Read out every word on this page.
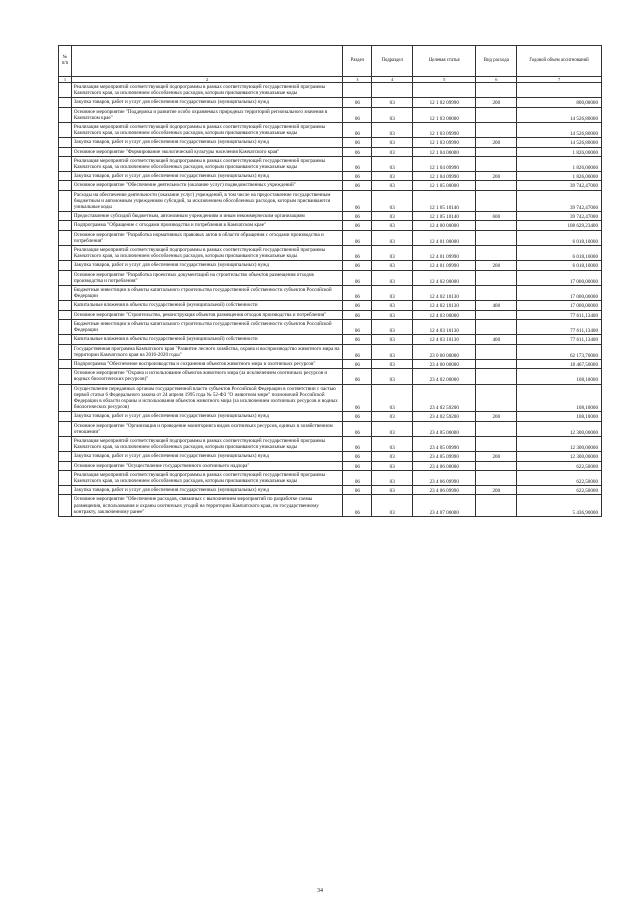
№ п/п		Раздел	Подраздел	Целевая статья	Вид расхода	Годовой объем ассигнований
1	2	3	4	5	6	7
	Реализация мероприятий соответствующей подпрограммы в рамках соответствующей государственной программы Камчатского края, за исключением обособленных расходов, которым присваиваются уникальные коды					
	Закупка товаров, работ и услуг для обеспечения государственных (муниципальных) нужд	06	03	12 1 02 09990	200	800,00000
	Основное мероприятие "Поддержка и развитие особо охраняемых природных территорий регионального значения в Камчатском крае"	06	03	12 1 03 00000		14 526,80000
	Реализация мероприятий соответствующей подпрограммы в рамках соответствующей государственной программы Камчатского края, за исключением обособленных расходов, которым присваиваются уникальные коды	06	03	12 1 03 09990		14 526,80000
	Закупка товаров, работ и услуг для обеспечения государственных (муниципальных) нужд	06	03	12 1 03 09990	200	14 526,80000
	Основное мероприятие "Формирование экологической культуры населения Камчатского края"	06	03	12 1 04 00000		1 826,00000
	Реализация мероприятий соответствующей подпрограммы в рамках соответствующей государственной программы Камчатского края, за исключением обособленных расходов, которым присваиваются уникальные коды	06	03	12 1 04 09990		1 826,00000
	Закупка товаров, работ и услуг для обеспечения государственных (муниципальных) нужд	06	03	12 1 04 09990	200	1 826,00000
	Основное мероприятие "Обеспечение деятельности (оказание услуг) подведомственных учреждений"	06	03	12 1 05 00000		39 742,47000
	Расходы на обеспечение деятельности (оказание услуг) учреждений, в том числе на предоставление государственным бюджетным и автономным учреждениям субсидий, за исключением обособленных расходов, которым присваиваются уникальные коды	06	03	12 1 05 10140		39 742,47000
	Предоставление субсидий бюджетным, автономным учреждениям и иным некоммерческим организациям	06	03	12 1 05 10140	600	39 742,47000
	Подпрограмма "Обращение с отходами производства и потребления в Камчатском крае"	06	03	12 4 00 00000		108 629,23400
	Основное мероприятие "Разработка нормативных правовых актов в области обращения с отходами производства и потребления"	06	03	12 4 01 00000		6 018,10000
	Реализация мероприятий соответствующей подпрограммы в рамках соответствующей государственной программы Камчатского края, за исключением обособленных расходов, которым присваиваются уникальные коды	06	03	12 4 01 09990		6 018,10000
	Закупка товаров, работ и услуг для обеспечения государственных (муниципальных) нужд	06	03	12 4 01 09990	200	6 018,10000
	Основное мероприятие "Разработка проектных документаций на строительство объектов размещения отходов производства и потребления"	06	03	12 4 02 00000		17 000,00000
	Бюджетные инвестиции в объекты капитального строительства государственной собственности субъектов Российской Федерации	06	03	12 4 02 10130		17 000,00000
	Капитальные вложения в объекты государственной (муниципальной) собственности	06	03	12 4 02 10130	400	17 000,00000
	Основное мероприятие "Строительство, реконструкция объектов размещения отходов производства и потребления"	06	03	12 4 03 00000		77 611,13400
	Бюджетные инвестиции в объекты капитального строительства государственной собственности субъектов Российской Федерации	06	03	12 4 03 10130		77 611,13400
	Капитальные вложения в объекты государственной (муниципальной) собственности	06	03	12 4 03 10130	400	77 611,13400
	Государственная программа Камчатского края "Развитие лесного хозяйства, охрана и воспроизводство животного мира на территории Камчатского края на 2016-2020 годы"	06	03	23 0 00 00000		62 173,70000
	Подпрограмма "Обеспечение воспроизводства и сохранения объектов животного мира и охотничьих ресурсов"	06	03	23 4 00 00000		18 467,50000
	Основное мероприятие "Охрана и использование объектов животного мира (за исключением охотничьих ресурсов и водных биологических ресурсов)"	06	03	23 4 02 00000		108,10000
	Осуществление переданных органам государственной власти субъектов Российской Федерации в соответствии с частью первой статьи 6 Федерального закона от 24 апреля 1995 года № 52-ФЗ "О животном мире" полномочий Российской Федерации в области охраны и использования объектов животного мира (за исключением охотничьих ресурсов и водных биологических ресурсов)	06	03	23 4 02 59200		108,10000
	Закупка товаров, работ и услуг для обеспечения государственных (муниципальных) нужд	06	03	23 4 02 59200	200	108,10000
	Основное мероприятие "Организация и проведение мониторинга видов охотничьих ресурсов, единых в хозяйственном отношении"	06	03	23 4 05 00000		12 300,00000
	Реализация мероприятий соответствующей подпрограммы в рамках соответствующей государственной программы Камчатского края, за исключением обособленных расходов, которым присваиваются уникальные коды	06	03	23 4 05 09990		12 300,00000
	Закупка товаров, работ и услуг для обеспечения государственных (муниципальных) нужд	06	03	23 4 05 09990	200	12 300,00000
	Основное мероприятие "Осуществление государственного охотничьего надзора"	06	03	23 4 06 00000		622,50000
	Реализация мероприятий соответствующей подпрограммы в рамках соответствующей государственной программы Камчатского края, за исключением обособленных расходов, которым присваиваются уникальные коды	06	03	23 4 06 09990		622,50000
	Закупка товаров, работ и услуг для обеспечения государственных (муниципальных) нужд	06	03	23 4 06 09990	200	622,50000
	Основное мероприятие "Обеспечение расходов, связанных с выполнением мероприятий по разработке схемы размещения, использования и охраны охотничьих угодий на территории Камчатского края, по государственному контракту, заключенному ранее"	06	03	23 4 07 00000		5 436,90000
34
